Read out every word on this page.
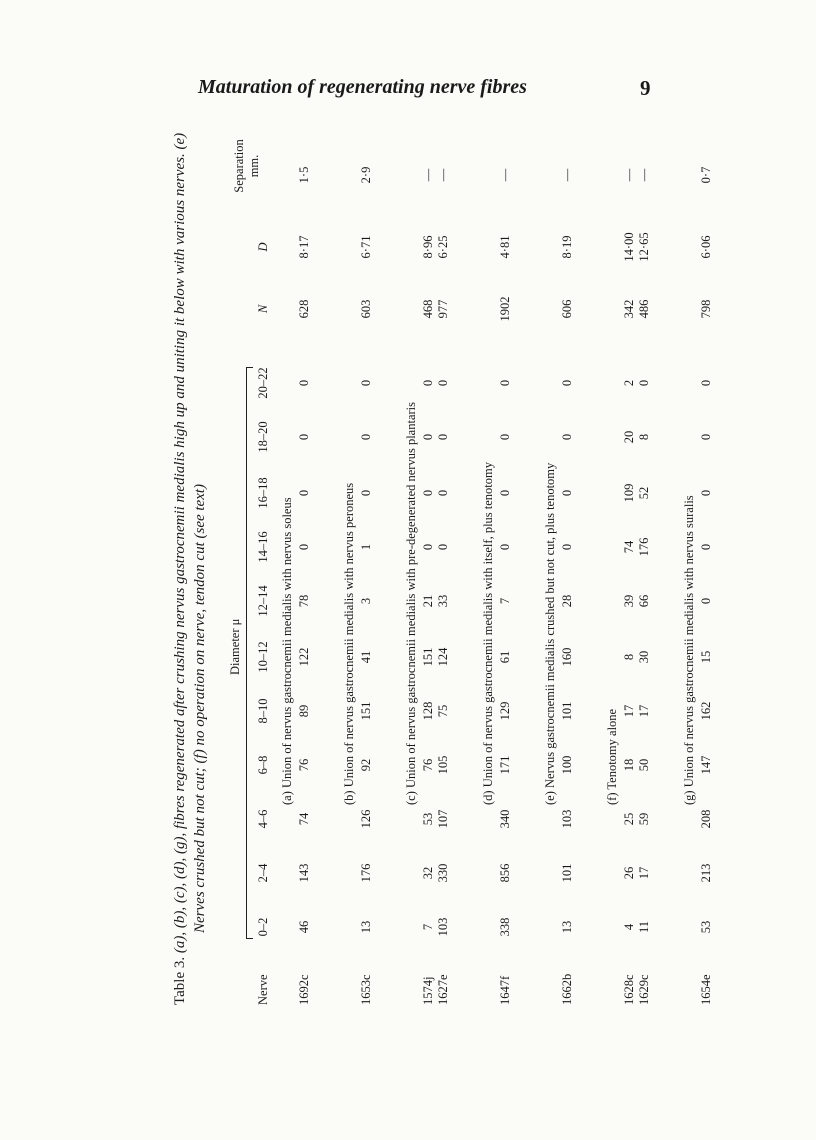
Maturation of regenerating nerve fibres	9
Table 3. (a), (b), (c), (d), (g), fibres regenerated after crushing nervus gastrocnemii medialis high up and uniting it below with various nerves. (e) Nerves crushed but not cut; (f) no operation on nerve, tendon cut (see text) Diameter μ
Nerve
0–2
2–4
4–6
6–8
8–10
10–12
12–14
14–16
16–18
18–20
20–22
N
D
Separation mm.
(a) Union of nervus gastrocnemii medialis with nervus soleus
1692c
46
143
74
76
89
122
78
0
0
0
0
628
8·17
1·5
(b) Union of nervus gastrocnemii medialis with nervus peroneus
1653c
13
176
126
92
151
41
3
1
0
0
0
603
6·71
2·9
(c) Union of nervus gastrocnemii medialis with pre-degenerated nervus plantaris
1574j
7
32
53
76
128
151
21
0
0
0
0
468
8·96
—
1627e
103
330
107
105
75
124
33
0
0
0
0
977
6·25
—
(d) Union of nervus gastrocnemii medialis with itself, plus tenotomy
1647f
338
856
340
171
129
61
7
0
0
0
0
1902
4·81
—
(e) Nervus gastrocnemii medialis crushed but not cut, plus tenotomy
1662b
13
101
103
100
101
160
28
0
0
0
0
606
8·19
—
(f) Tenotomy alone
1628c
4
26
25
18
17
8
39
74
109
20
2
342
14·00
—
1629c
11
17
59
50
17
30
66
176
52
8
0
486
12·65
—
(g) Union of nervus gastrocnemii medialis with nervus suralis
1654e
53
213
208
147
162
15
0
0
0
0
0
798
6·06
0·7
